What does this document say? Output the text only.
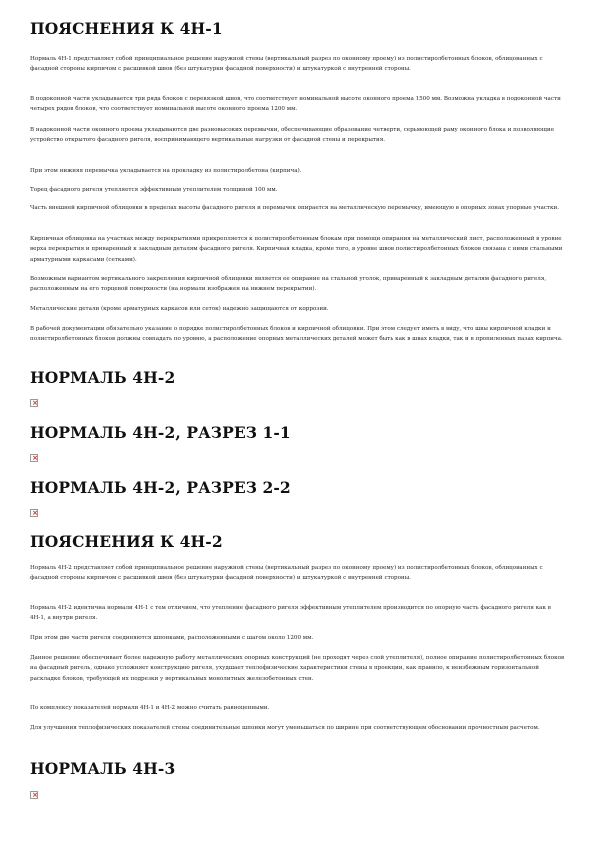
ПОЯСНЕНИЯ К 4Н-1

Нормаль 4Н-1 представляет собой принципиальное решение наружной стены (вертикальный разрез по оконному проему) из полистиролбетонных блоков, облицованных с фасадной стороны кирпичом с расшивкой швов (без штукатурки фасадной поверхности) и штукатуркой с внутренней стороны.

В подоконной части укладывается три ряда блоков с перевязкой швов, что соответствует номинальной высоте оконного проема 1500 мм. Возможна укладка в подоконной части четырех рядов блоков, что соответствует номинальной высоте оконного проема 1200 мм.

В надоконной части оконного проема укладываются две разновысоких перемычки, обеспечивающие образование четверти, серьмоющей раму оконного блока и позволяющие устройство открытого фасадного ригеля, воспринимающего вертикальные нагрузки от фасадной стены и перекрытия.

При этом нижняя перемычка укладывается на прокладку из полистиролбетона (кирпича).

Торец фасадного ригеля утепляется эффективным утеплителем толщиной 100 мм.

Часть внешней кирпичной облицовки в пределах высоты фасадного ригеля и перемычек опирается на металлическую перемычку, имеющую в опорных зонах упорные участки.

Кирпичная облицовка на участках между перекрытиями прикрепляется к полистиролбетонным блокам при помощи опирания на металлический лист, расположенный в уровне верха перекрытия и приваренный к закладным деталям фасадного ригеля. Кирпичная кладка, кроме того, в уровне швов полистиролбетонных блоков связана с ними стальными арматурными каркасами (сетками).

Возможным вариантом вертикального закрепления кирпичной облицовки является ее опирание на стальной уголок, приваренный к закладным деталям фасадного ригеля, расположенным на его торцевой поверхности (на нормали изображен на нижнем перекрытии).

Металлические детали (кроме арматурных каркасов или сеток) надежно защищаются от коррозии.

В рабочей документации обязательно указание о порядке полистиролбетонных блоков и кирпичной облицовки. При этом следует иметь в виду, что швы кирпичной кладки и полистиролбетонных блоков должны совпадать по уровню, а расположение опорных металлических деталей может быть как в швах кладки, так и в пропиленных пазах кирпича.

НОРМАЛЬ 4Н-2
×
НОРМАЛЬ 4Н-2, РАЗРЕЗ 1-1
×
НОРМАЛЬ 4Н-2, РАЗРЕЗ 2-2
×
ПОЯСНЕНИЯ К 4Н-2

Нормаль 4Н-2 представляет собой принципиальное решение наружной стены (вертикальный разрез по оконному проему) из полистиролбетонных блоков, облицованных с фасадной стороны кирпичом с расшивкой швов (без штукатурки фасадной поверхности) и штукатуркой с внутренней стороны.

Нормаль 4Н-2 идентична нормали 4Н-1 с тем отличием, что утепление фасадного ригеля эффективным утеплителем производится по опорную часть фасадного ригеля как в 4Н-1, а внутри ригеля.

При этом две части ригеля соединяются шпонками, расположенными с шагом около 1200 мм.

Данное решение обеспечивает более надежную работу металлических опорных конструкций (не проходят через слой утеплителя), полное опирание полистиролбетонных блоков на фасадный ригель, однако усложняет конструкцию ригеля, ухудшает теплофизические характеристики стены в проекции, как правило, к неизбежным горизонтальной раскладке блоков, требующей их подрезки у вертикальных монолитных железобетонных стен.

По комплексу показателей нормали 4Н-1 и 4Н-2 можно считать равноценными.

Для улучшения теплофизических показателей стены соединительные шпонки могут уменьшаться по ширине при соответствующем обосновании прочностным расчетом.

НОРМАЛЬ 4Н-3
×
